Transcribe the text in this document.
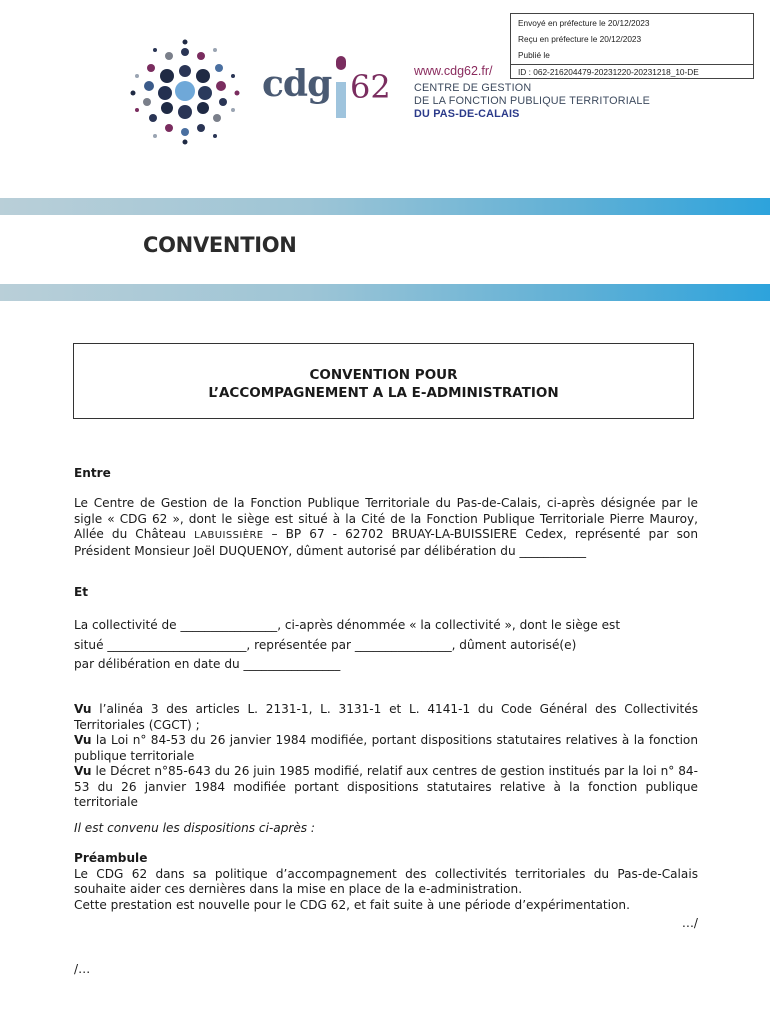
Envoyé en préfecture le 20/12/2023
Reçu en préfecture le 20/12/2023
Publié le
ID : 062-216204479-20231220-20231218_10-DE
cdg 62 www.cdg62.fr/
CENTRE DE GESTION
DE LA FONCTION PUBLIQUE TERRITORIALE
DU PAS-DE-CALAIS
CONVENTION
CONVENTION POUR
L’ACCOMPAGNEMENT A LA E-ADMINISTRATION
Entre
Le Centre de Gestion de la Fonction Publique Territoriale du Pas-de-Calais, ci-après désignée par le sigle « CDG 62 », dont le siège est situé à la Cité de la Fonction Publique Territoriale Pierre Mauroy, Allée du Château LABUISSIÈRE – BP 67 - 62702 BRUAY-LA-BUISSIERE Cedex, représenté par son Président Monsieur Joël DUQUENOY, dûment autorisé par délibération du ___________
Et
La collectivité de ________________, ci-après dénommée « la collectivité », dont le siège est
situé _______________________, représentée par ________________, dûment autorisé(e)
par délibération en date du ________________
Vu l’alinéa 3 des articles L. 2131-1, L. 3131-1 et L. 4141-1 du Code Général des Collectivités Territoriales (CGCT) ;
Vu la Loi n° 84-53 du 26 janvier 1984 modifiée, portant dispositions statutaires relatives à la fonction publique territoriale
Vu le Décret n°85-643 du 26 juin 1985 modifié, relatif aux centres de gestion institués par la loi n° 84-53 du 26 janvier 1984 modifiée portant dispositions statutaires relative à la fonction publique territoriale
Il est convenu les dispositions ci-après :
Préambule
Le CDG 62 dans sa politique d’accompagnement des collectivités territoriales du Pas-de-Calais souhaite aider ces dernières dans la mise en place de la e-administration.
Cette prestation est nouvelle pour le CDG 62, et fait suite à une période d’expérimentation.
…/
/…
